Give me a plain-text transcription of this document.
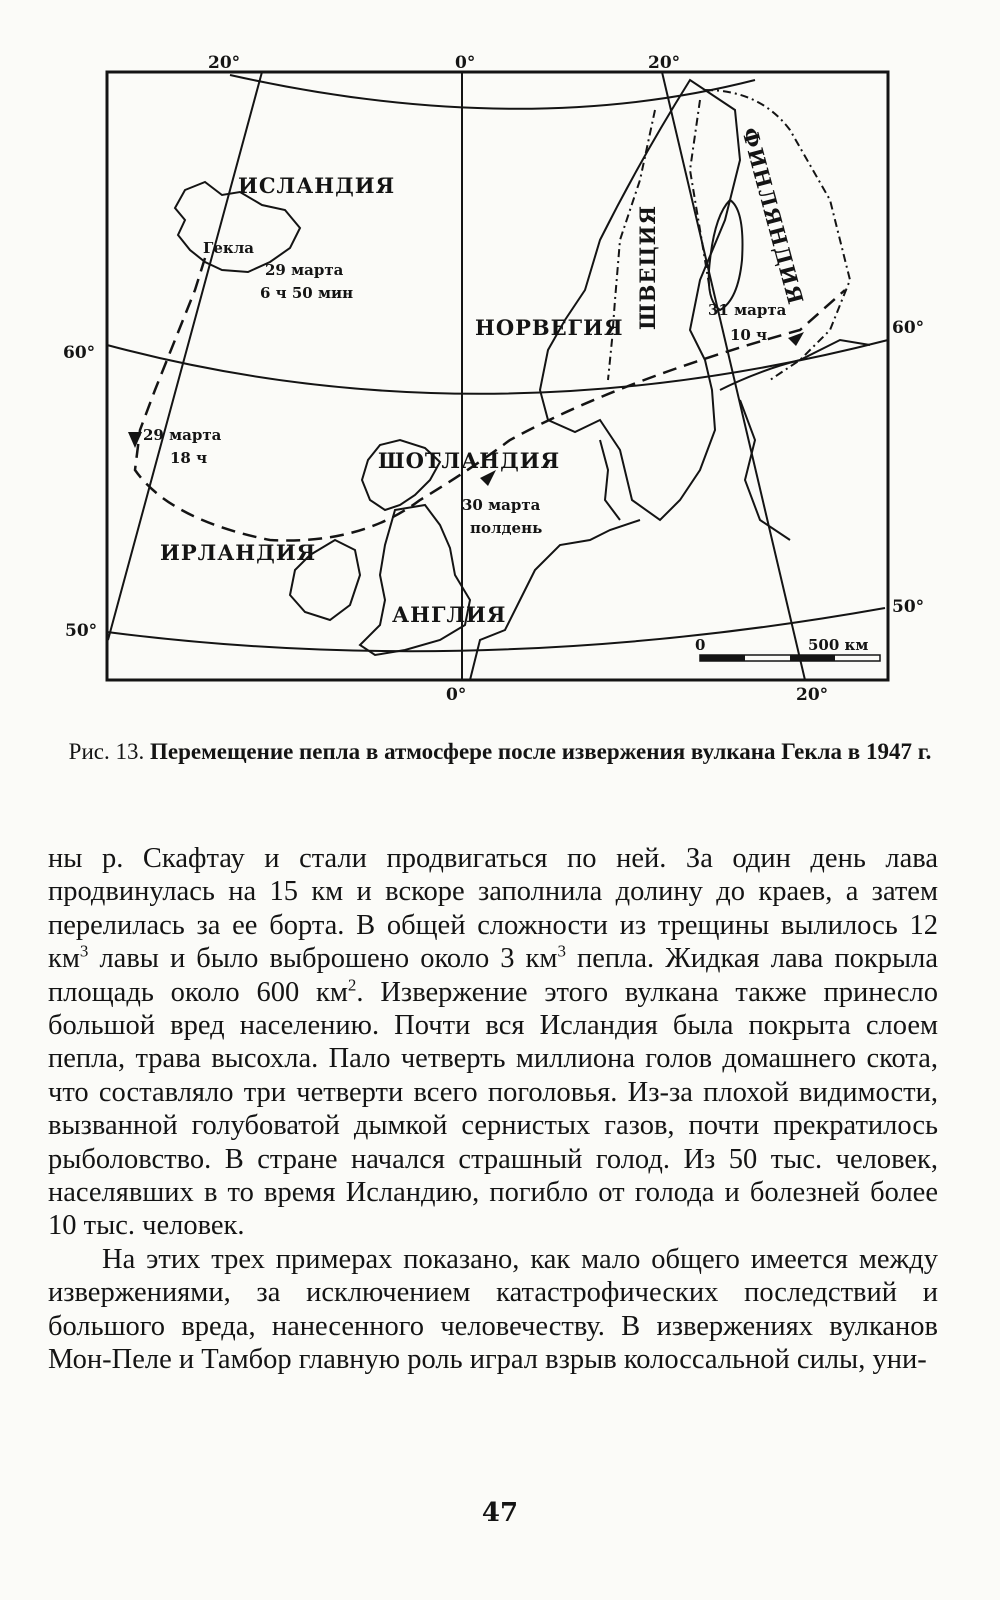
0	500 км
20°	0°	20°
60°
60°
50°
50°
0°	20°
ИСЛАНДИЯ
НОРВЕГИЯ ШВЕЦИЯ	ФИНЛЯНДИЯ
ШОТЛАНДИЯ
ИРЛАНДИЯ
АНГЛИЯ
Гекла
29 марта
6 ч 50 мин
29 марта
18 ч
30 марта
полдень
31 марта
10 ч

Рис. 13. Перемещение пепла в атмосфере после извержения вулкана Гекла в 1947 г.

ны р. Скафтау и стали продвигаться по ней. За один день лава продвинулась на 15 км и вскоре заполнила долину до краев, а затем перелилась за ее борта. В общей сложности из трещины вылилось 12 $км^3$ лавы и было выброшено около 3 $км^3$ пепла. Жидкая лава покрыла площадь около 600 $км^2$. Извержение этого вулкана также принесло большой вред населению. Почти вся Исландия была покрыта слоем пепла, трава высохла. Пало четверть миллиона голов домашнего скота, что составляло три четверти всего поголовья. Из-за плохой видимости, вызванной голубоватой дымкой сернистых газов, почти прекратилось рыболовство. В стране начался страшный голод. Из 50 тыс. человек, населявших в то время Исландию, погибло от голода и болезней более 10 тыс. человек.

На этих трех примерах показано, как мало общего имеется между извержениями, за исключением катастрофических последствий и большого вреда, нанесенного человечеству. В извержениях вулканов Мон-Пеле и Тамбор главную роль играл взрыв колоссальной силы, уни-

47
